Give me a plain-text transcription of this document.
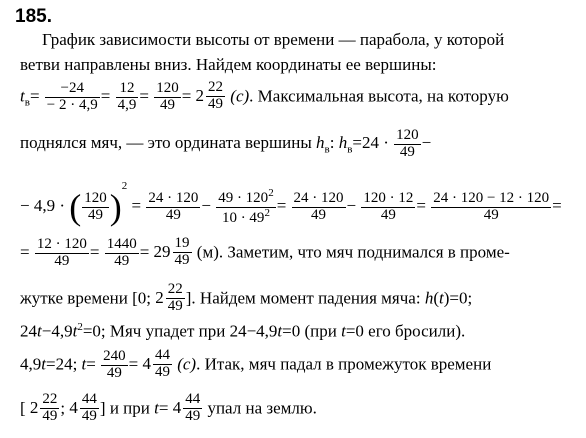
185.
График зависимости высоты от времени — парабола, у которой
ветви направлены вниз. Найдем координаты ее вершины:
$t_в= \frac{-24}{- 2 \cdot 4,9} = \frac{12}{4,9} = \frac{120}{49} = 2 \frac{22}{49} (c)$. Максимальная высота, на которую
поднялся мяч, — это ордината вершины $h_в$: $h_в=24 \cdot \frac{120}{49}$ −
− 4,9 · ( $\frac{120}{49} )^2 = \frac{24 \cdot 120}{49} - \frac{49 \cdot 120^2}{10 \cdot 49^2} = \frac{24 \cdot 120}{49} - \frac{120 \cdot 12}{49} = \frac{24 \cdot 120 - 12 \cdot 120}{49}$ =
= $\frac{12 \cdot 120}{49} = \frac{1440}{49} = 29 \frac{19}{49} (м)$. Заметим, что мяч поднимался в проме-
жутке времени [0; $2 \frac{22}{49}$ ]. Найдем момент падения мяча: h(t)=0;
$24t-4,9t^2=0$; Мяч упадет при 24−4,9t=0 (при t=0 его бросили).
4,9t=24; $t= \frac{240}{49} = 4 \frac{44}{49} (c)$. Итак, мяч падал в промежуток времени
[ $2 \frac{22}{49}$ ; $4 \frac{44}{49}$ ] и при $t= 4 \frac{44}{49}$ упал на землю.
